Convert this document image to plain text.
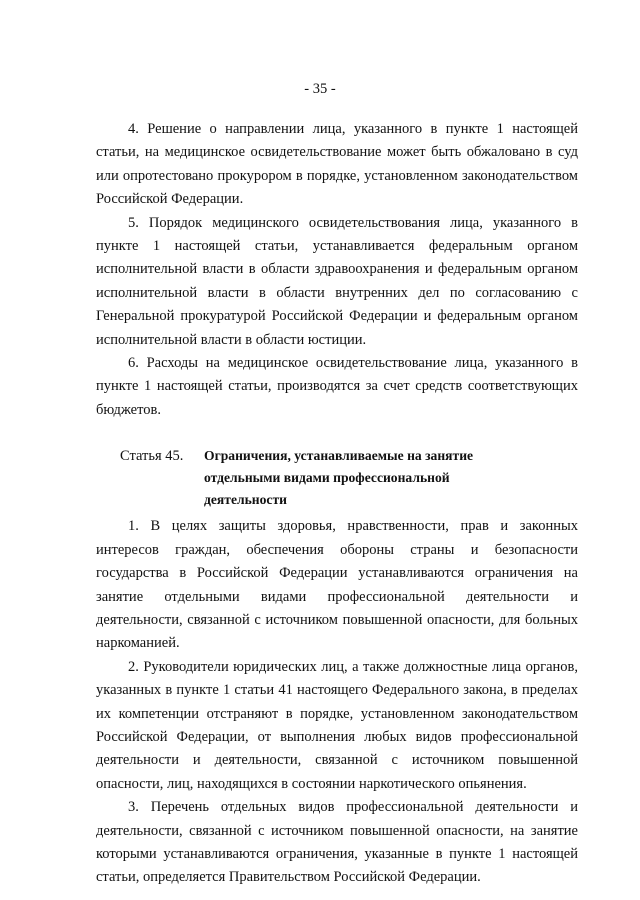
- 35 -

4. Решение о направлении лица, указанного в пункте 1 настоящей статьи, на медицинское освидетельствование может быть обжаловано в суд или опротестовано прокурором в порядке, установленном законодательством Российской Федерации.

5. Порядок медицинского освидетельствования лица, указанного в пункте 1 настоящей статьи, устанавливается федеральным органом исполнительной власти в области здравоохранения и федеральным органом исполнительной власти в области внутренних дел по согласованию с Генеральной прокуратурой Российской Федерации и федеральным органом исполнительной власти в области юстиции.

6. Расходы на медицинское освидетельствование лица, указанного в пункте 1 настоящей статьи, производятся за счет средств соответствующих бюджетов.

Статья 45.	Ограничения, устанавливаемые на занятие отдельными видами профессиональной деятельности

1. В целях защиты здоровья, нравственности, прав и законных интересов граждан, обеспечения обороны страны и безопасности государства в Российской Федерации устанавливаются ограничения на занятие отдельными видами профессиональной деятельности и деятельности, связанной с источником повышенной опасности, для больных наркоманией.

2. Руководители юридических лиц, а также должностные лица органов, указанных в пункте 1 статьи 41 настоящего Федерального закона, в пределах их компетенции отстраняют в порядке, установленном законодательством Российской Федерации, от выполнения любых видов профессиональной деятельности и деятельности, связанной с источником повышенной опасности, лиц, находящихся в состоянии наркотического опьянения.

3. Перечень отдельных видов профессиональной деятельности и деятельности, связанной с источником повышенной опасности, на занятие которыми устанавливаются ограничения, указанные в пункте 1 настоящей статьи, определяется Правительством Российской Федерации.
